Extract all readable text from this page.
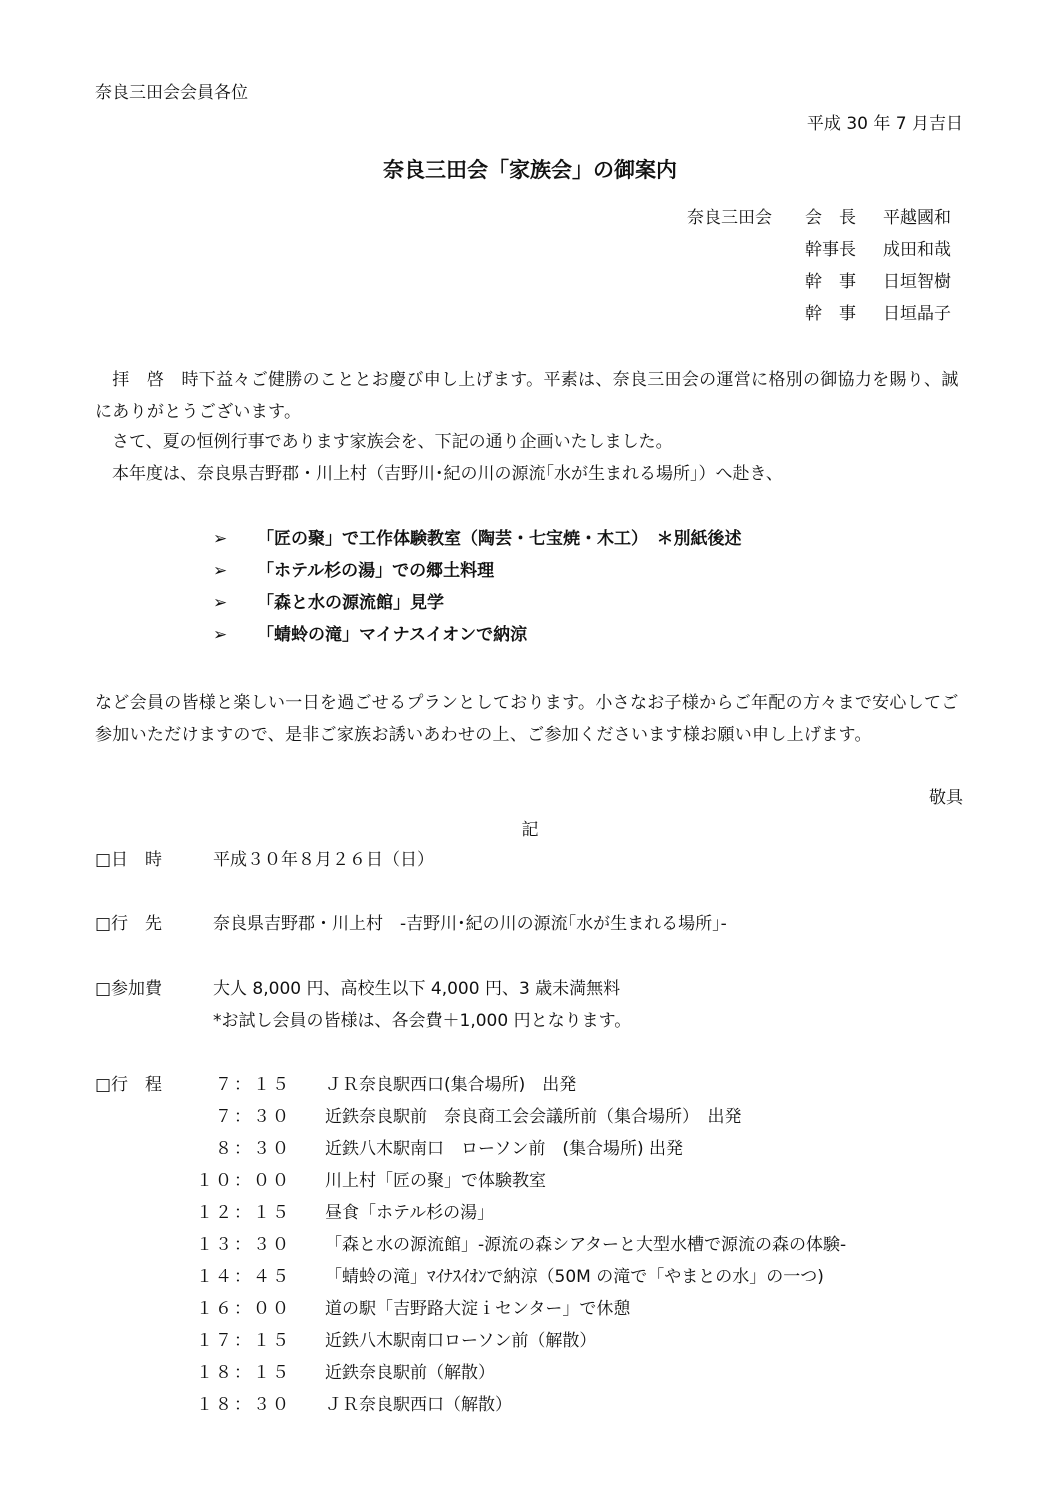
奈良三田会会員各位
平成 30 年 7 月吉日
奈良三田会「家族会」の御案内
奈良三田会	会　長	平越國和
幹事長	成田和哉
幹　事	日垣智樹
幹　事	日垣晶子
　拝　啓　時下益々ご健勝のこととお慶び申し上げます。平素は、奈良三田会の運営に格別の御協力を賜り、誠にありがとうございます。
　さて、夏の恒例行事であります家族会を、下記の通り企画いたしました。
　本年度は、奈良県吉野郡・川上村（吉野川･紀の川の源流｢水が生まれる場所｣）へ赴き、
➢	「匠の聚」で工作体験教室（陶芸・七宝焼・木工）　＊別紙後述
➢	「ホテル杉の湯」での郷土料理
➢	「森と水の源流館」見学
➢	「蜻蛉の滝」マイナスイオンで納涼
など会員の皆様と楽しい一日を過ごせるプランとしております。小さなお子様からご年配の方々まで安心してご参加いただけますので、是非ご家族お誘いあわせの上、ご参加くださいます様お願い申し上げます。
敬具
記
□日　時	平成３０年８月２６日（日）
□行　先	奈良県吉野郡・川上村　-吉野川･紀の川の源流｢水が生まれる場所｣-
□参加費	大人 8,000 円、高校生以下 4,000 円、3 歳未満無料
*お試し会員の皆様は、各会費＋1,000 円となります。
□行　程	７：１５ ＪＲ奈良駅西口(集合場所)　出発
７：３０ 近鉄奈良駅前　奈良商工会会議所前（集合場所）　出発
８：３０ 近鉄八木駅南口　ローソン前　(集合場所) 出発
１０：００ 川上村「匠の聚」で体験教室
１２：１５ 昼食「ホテル杉の湯」
１３：３０ 「森と水の源流館」-源流の森シアターと大型水槽で源流の森の体験-
１４：４５ 「蜻蛉の滝」ﾏｲﾅｽｲｵﾝで納涼（50M の滝で「やまとの水」の一つ)
１６：００ 道の駅「吉野路大淀ｉセンター」で休憩
１７：１５ 近鉄八木駅南口ローソン前（解散）
１８：１５ 近鉄奈良駅前（解散）
１８：３０ ＪＲ奈良駅西口（解散）
